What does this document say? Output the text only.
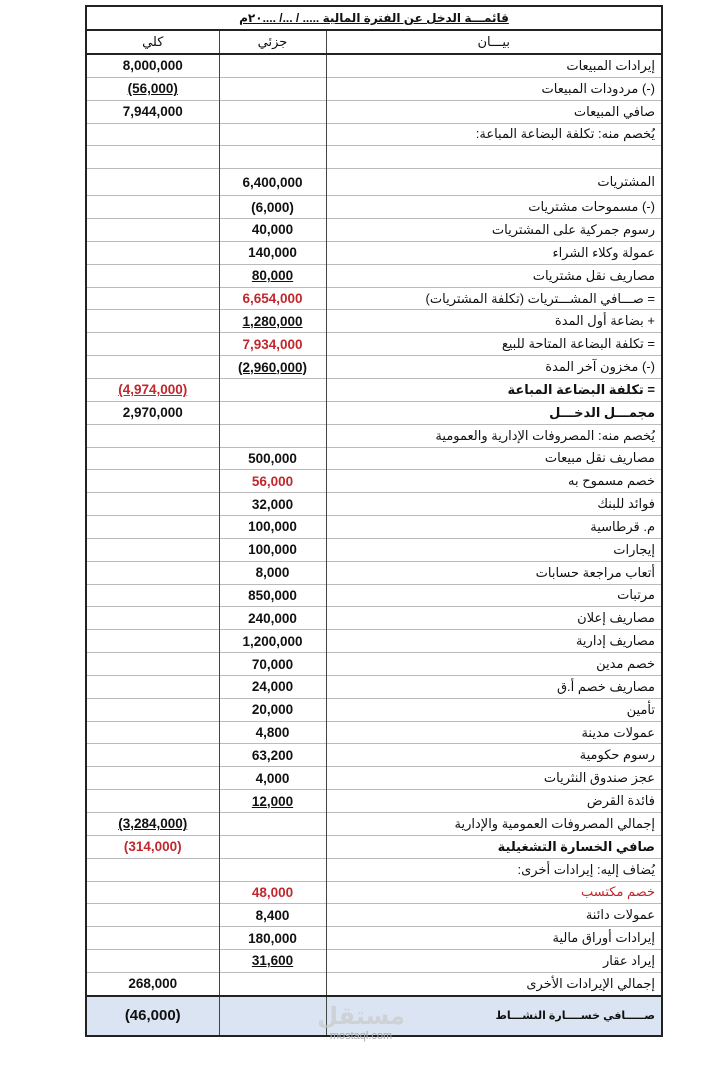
قائمـــة الدخل عن الفترة المالية ..... / .../ ....٢٠م
كلي	جزئي	بيـــان
8,000,000		إيرادات المبيعات
(56,000)		(-) مردودات المبيعات
7,944,000		صافي المبيعات
		يُخصم منه: تكلفة البضاعة المباعة:

	6,400,000	المشتريات
	(6,000)	(-) مسموحات مشتريات
	40,000	رسوم جمركية على المشتريات
	140,000	عمولة وكلاء الشراء
	80,000	مصاريف نقل مشتريات
	6,654,000	= صـــافي المشـــتريات (تكلفة المشتريات)
	1,280,000	+ بضاعة أول المدة
	7,934,000	= تكلفة البضاعة المتاحة للبيع
	(2,960,000)	(-) مخزون آخر المدة
(4,974,000)		= تكلفة البضاعة المباعة
2,970,000		مجمـــل الدخـــل
		يُخصم منه: المصروفات الإدارية والعمومية
	500,000	مصاريف نقل مبيعات
	56,000	خصم مسموح به
	32,000	فوائد للبنك
	100,000	م. قرطاسية
	100,000	إيجارات
	8,000	أتعاب مراجعة حسابات
	850,000	مرتبات
	240,000	مصاريف إعلان
	1,200,000	مصاريف إدارية
	70,000	خصم مدين
	24,000	مصاريف خصم أ.ق
	20,000	تأمين
	4,800	عمولات مدينة
	63,200	رسوم حكومية
	4,000	عجز صندوق النثريات
	12,000	فائدة القرض
(3,284,000)		إجمالي المصروفات العمومية والإدارية
(314,000)		صافي الخسارة التشغيلية
		يُضاف إليه: إيرادات أخرى:
	48,000	خصم مكتسب
	8,400	عمولات دائنة
	180,000	إيرادات أوراق مالية
	31,600	إيراد عقار
268,000		إجمالي الإيرادات الأخرى
(46,000)		صـــــافي خســــارة النشـــاط
مستقل
mostaql.com
